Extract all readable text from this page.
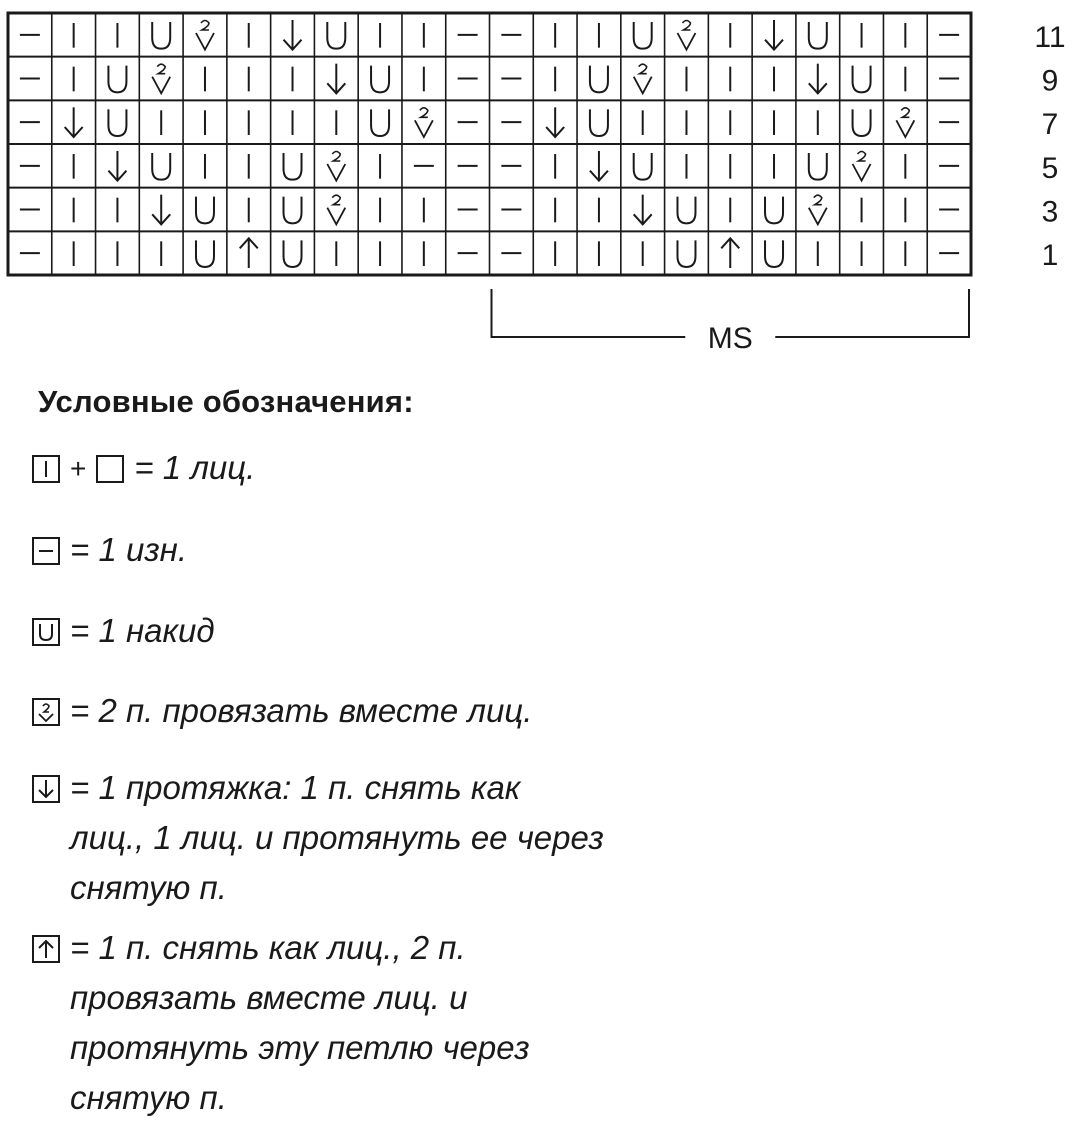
11
9
7
5
3
1
MS
Условные обозначения:
+ = 1 лиц.
= 1 изн.
= 1 накид
= 2 п. провязать вместе лиц.
= 1 протяжка: 1 п. снять как
лиц., 1 лиц. и протянуть ее через
снятую п.
= 1 п. снять как лиц., 2 п.
провязать вместе лиц. и
протянуть эту петлю через
снятую п.
